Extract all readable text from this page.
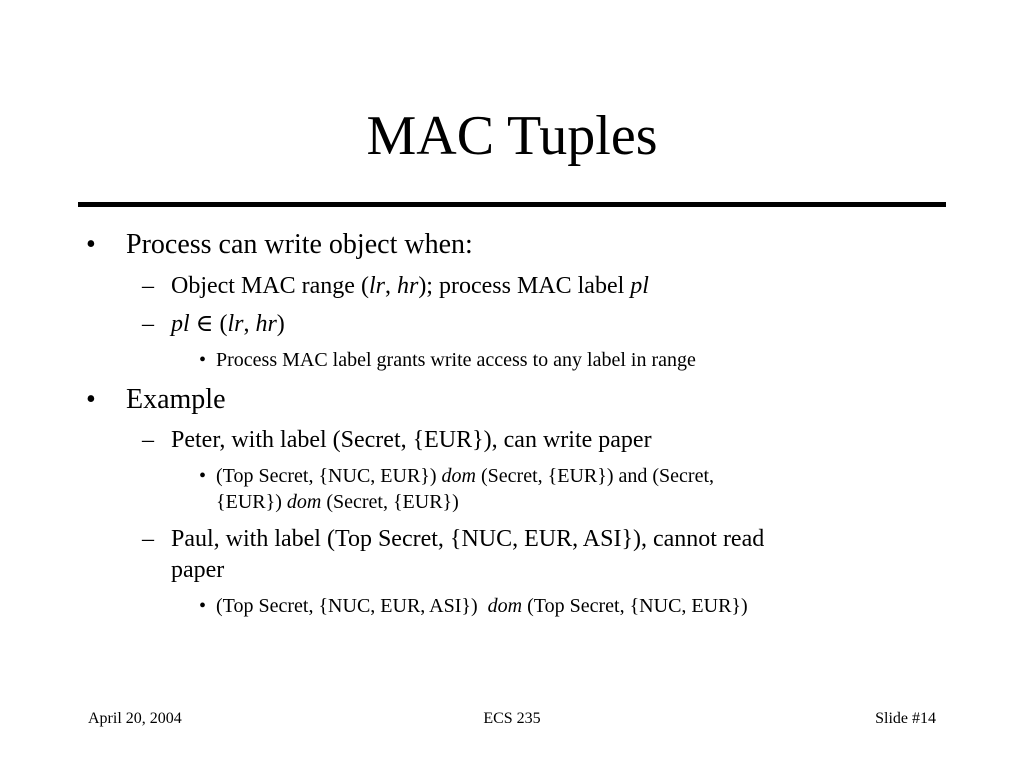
MAC Tuples
• Process can write object when:
– Object MAC range (lr, hr); process MAC label pl
– pl ∈ (lr, hr)
• Process MAC label grants write access to any label in range
• Example
– Peter, with label (Secret, {EUR}), can write paper
• (Top Secret, {NUC, EUR}) dom (Secret, {EUR}) and (Secret,
{EUR}) dom (Secret, {EUR})
– Paul, with label (Top Secret, {NUC, EUR, ASI}), cannot read
paper
• (Top Secret, {NUC, EUR, ASI})  dom (Top Secret, {NUC, EUR})
April 20, 2004	ECS 235	Slide #14
